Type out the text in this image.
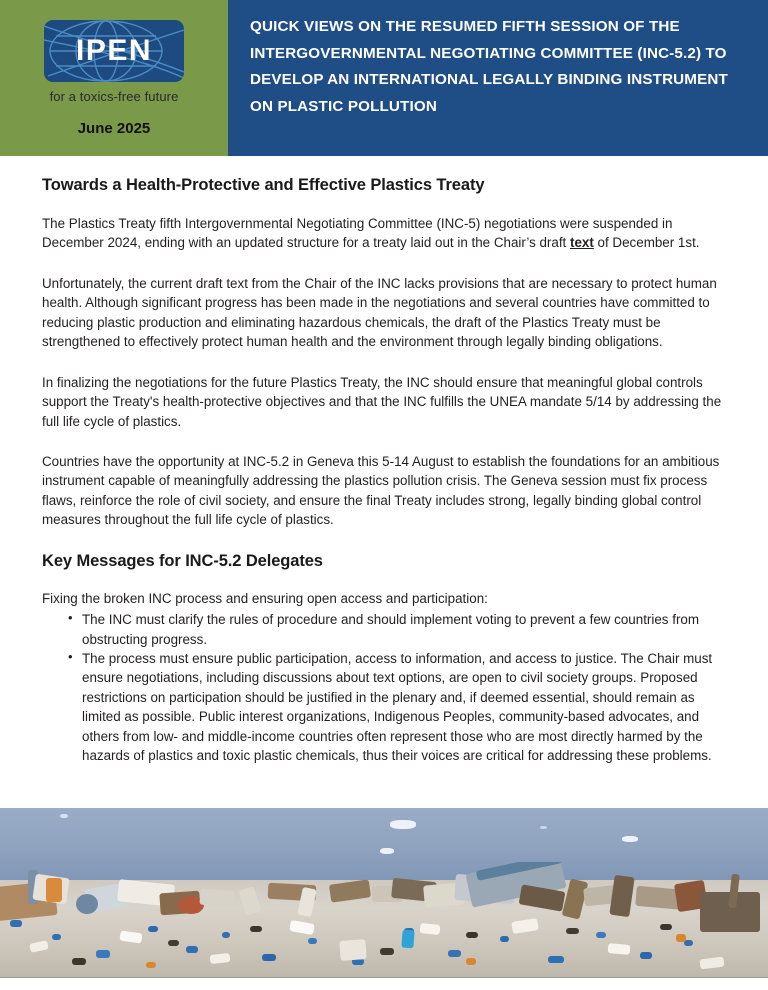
IPEN
for a toxics-free future
June 2025
QUICK VIEWS ON THE RESUMED FIFTH SESSION OF THE INTERGOVERNMENTAL NEGOTIATING COMMITTEE (INC-5.2) TO DEVELOP AN INTERNATIONAL LEGALLY BINDING INSTRUMENT ON PLASTIC POLLUTION
Towards a Health-Protective and Effective Plastics Treaty

The Plastics Treaty fifth Intergovernmental Negotiating Committee (INC-5) negotiations were suspended in December 2024, ending with an updated structure for a treaty laid out in the Chair’s draft text of December 1st.

Unfortunately, the current draft text from the Chair of the INC lacks provisions that are necessary to protect human health. Although significant progress has been made in the negotiations and several countries have committed to reducing plastic production and eliminating hazardous chemicals, the draft of the Plastics Treaty must be strengthened to effectively protect human health and the environment through legally binding obligations.

In finalizing the negotiations for the future Plastics Treaty, the INC should ensure that meaningful global controls support the Treaty's health-protective objectives and that the INC fulfills the UNEA mandate 5/14 by addressing the full life cycle of plastics.

Countries have the opportunity at INC-5.2 in Geneva this 5-14 August to establish the foundations for an ambitious instrument capable of meaningfully addressing the plastics pollution crisis. The Geneva session must fix process flaws, reinforce the role of civil society, and ensure the final Treaty includes strong, legally binding global control measures throughout the full life cycle of plastics.

Key Messages for INC-5.2 Delegates

Fixing the broken INC process and ensuring open access and participation:

• The INC must clarify the rules of procedure and should implement voting to prevent a few countries from obstructing progress.
• The process must ensure public participation, access to information, and access to justice. The Chair must ensure negotiations, including discussions about text options, are open to civil society groups. Proposed restrictions on participation should be justified in the plenary and, if deemed essential, should remain as limited as possible. Public interest organizations, Indigenous Peoples, community-based advocates, and others from low- and middle-income countries often represent those who are most directly harmed by the hazards of plastics and toxic plastic chemicals, thus their voices are critical for addressing these problems.
